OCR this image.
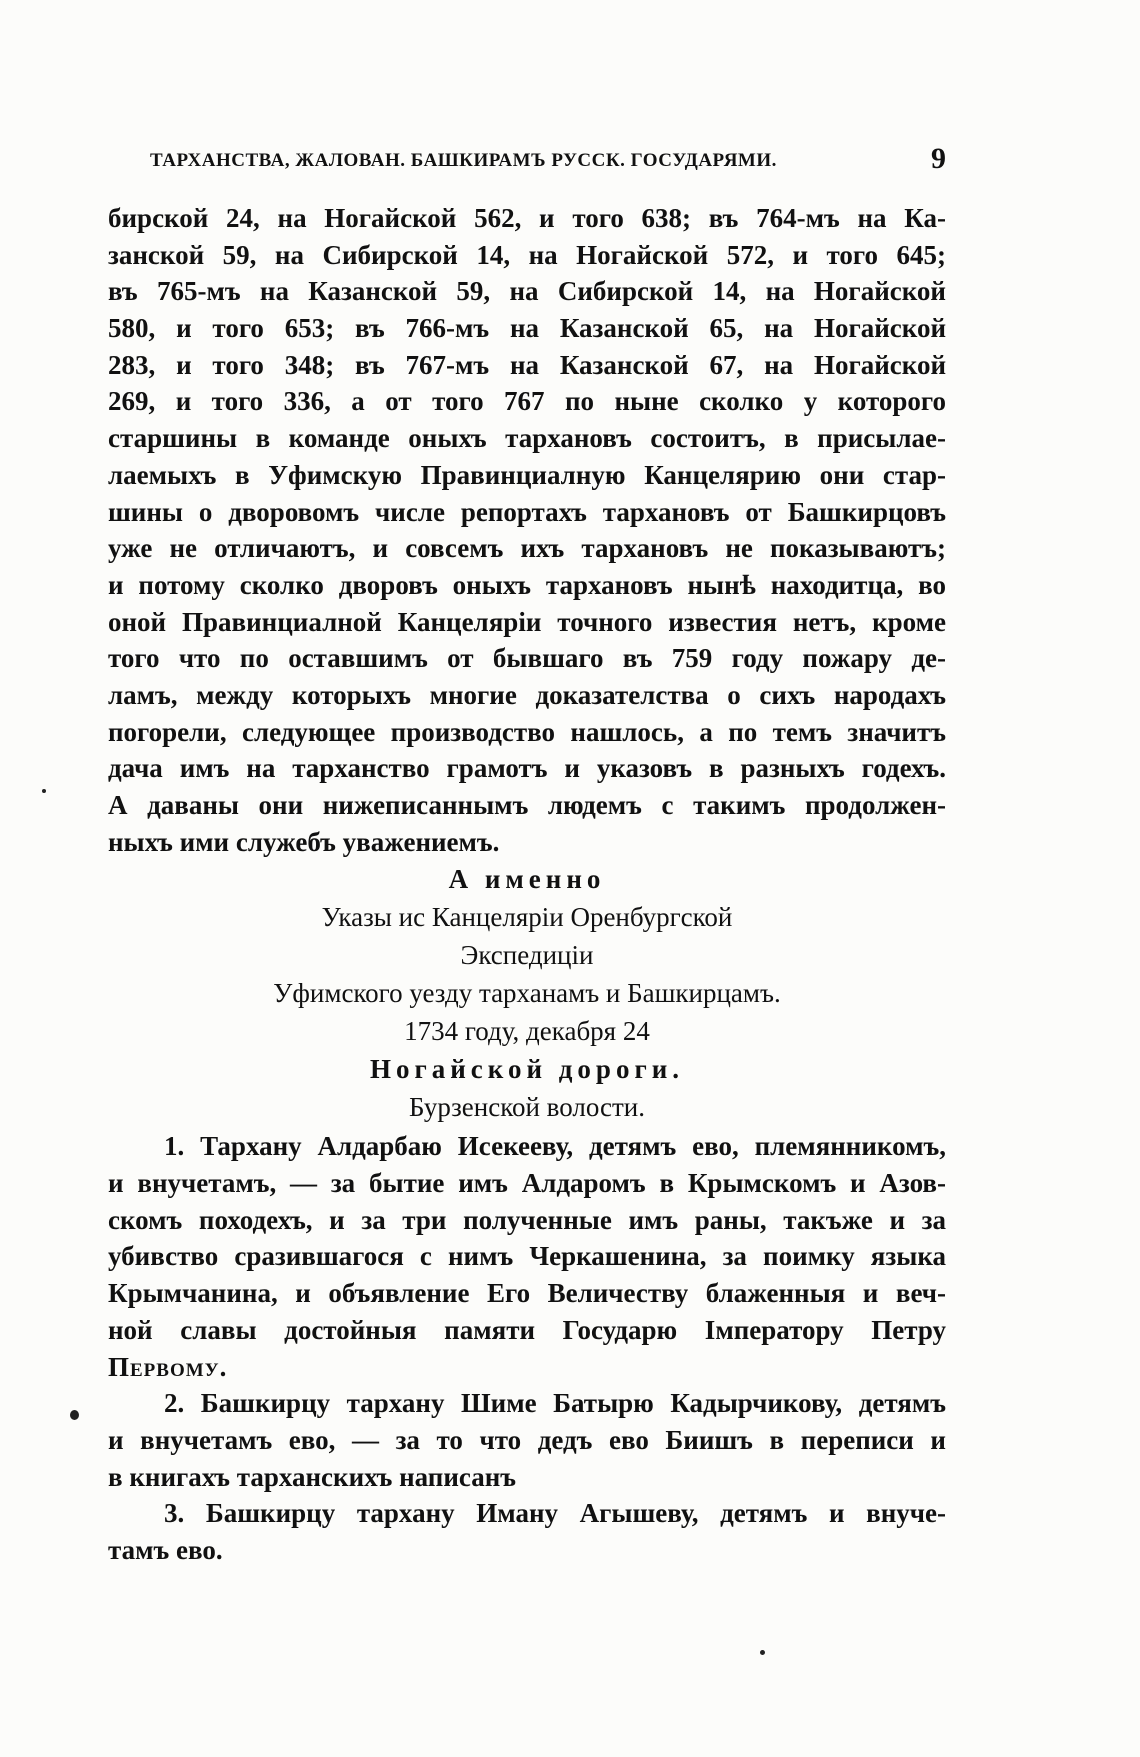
ТАРХАНСТВА, ЖАЛОВАН. БАШКИРАМЪ РУССК. ГОСУДАРЯМИ.	9
бирской 24, на Ногайской 562, и того 638; въ 764-мъ на Ка-
занской 59, на Сибирской 14, на Ногайской 572, и того 645;
въ 765-мъ на Казанской 59, на Сибирской 14, на Ногайской
580, и того 653; въ 766-мъ на Казанской 65, на Ногайской
283, и того 348; въ 767-мъ на Казанской 67, на Ногайской
269, и того 336, а от того 767 по ныне сколко у которого
старшины в команде оныхъ тархановъ состоитъ, в присылае-
лаемыхъ в Уфимскую Правинциалную Канцелярию они стар-
шины о дворовомъ числе репортахъ тархановъ от Башкирцовъ
уже не отличаютъ, и совсемъ ихъ тархановъ не показываютъ;
и потому сколко дворовъ оныхъ тархановъ нынѣ находитца, во
оной Правинциалной Канцеляріи точного известия нетъ, кроме
того что по оставшимъ от бывшаго въ 759 году пожару де-
ламъ, между которыхъ многие доказателства о сихъ народахъ
погорели, следующее производство нашлось, а по темъ значитъ
дача имъ на тарханство грамотъ и указовъ в разныхъ годехъ.
А даваны они нижеписаннымъ людемъ с такимъ продолжен-
ныхъ ими служебъ уважениемъ.
А именно
Указы ис Канцеляріи Оренбургской
Экспедиціи
Уфимского уезду тарханамъ и Башкирцамъ.
1734 году, декабря 24
Ногайской дороги.
Бурзенской волости.
1. Тархану Алдарбаю Исекееву, детямъ ево, племянникомъ,
и внучетамъ, — за бытие имъ Алдаромъ в Крымскомъ и Азов-
скомъ походехъ, и за три полученные имъ раны, такъже и за
убивство сразившагося с нимъ Черкашенина, за поимку языка
Крымчанина, и объявление Его Величеству блаженныя и веч-
ной славы достойныя памяти Государю Імператору Петру
Первому.
2. Башкирцу тархану Шиме Батырю Кадырчикову, детямъ
и внучетамъ ево, — за то что дедъ ево Биишъ в переписи и
в книгахъ тарханскихъ написанъ
3. Башкирцу тархану Иману Агышеву, детямъ и внуче-
тамъ ево.
